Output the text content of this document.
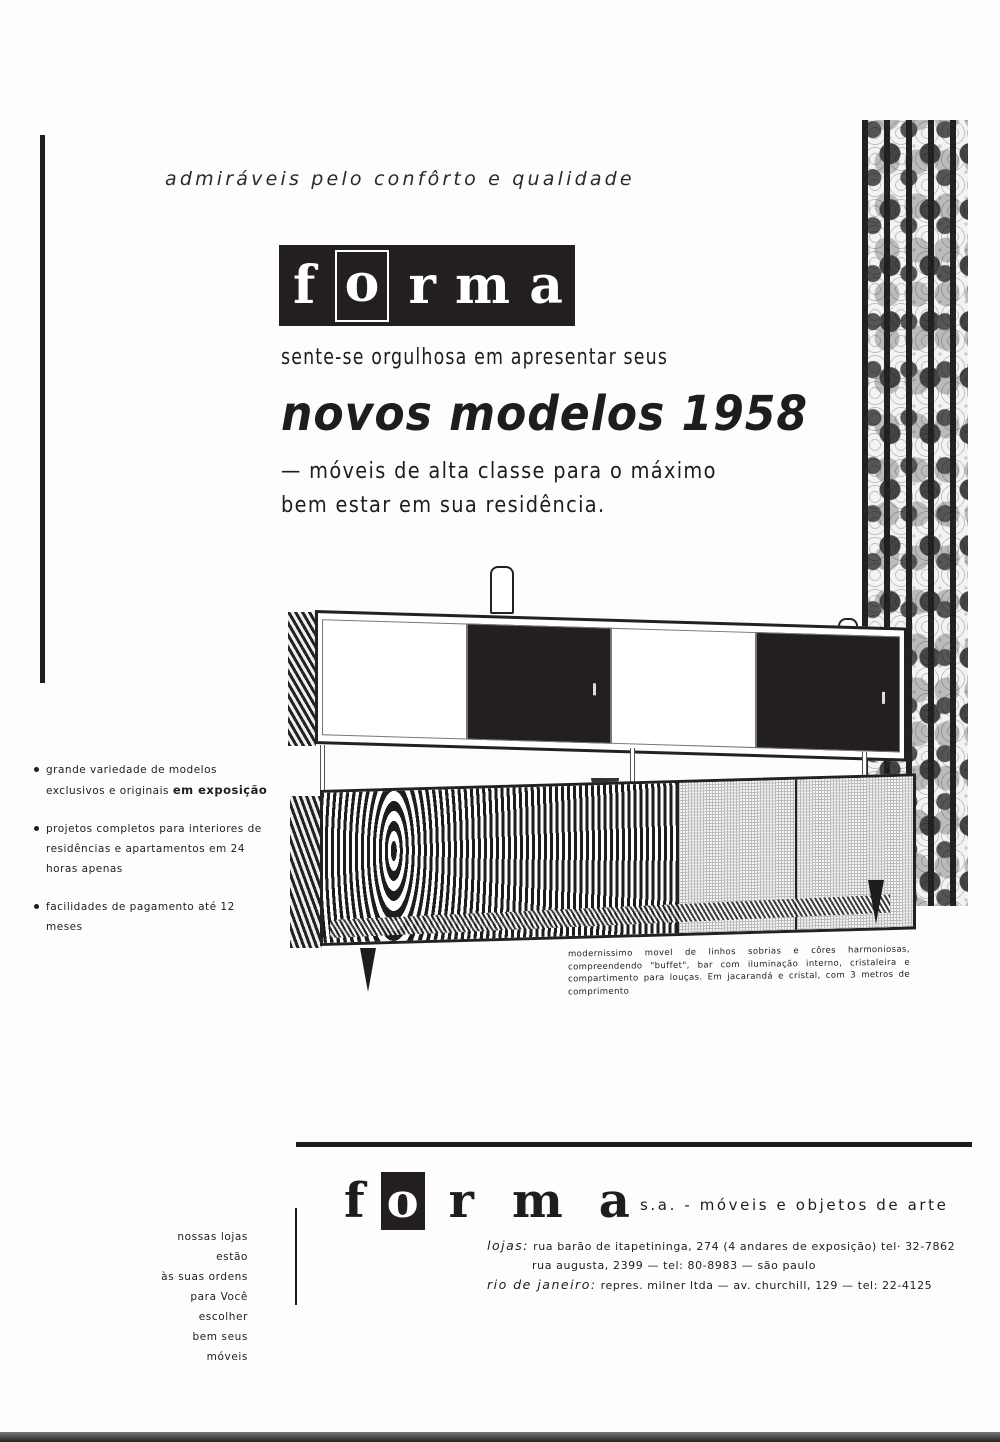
admiráveis pelo confôrto e qualidade
f o r m a
sente-se orgulhosa em apresentar seus
novos modelos 1958
— móveis de alta classe para o máximo
bem estar em sua residência.
modernissimo movel de linhos sobrias e côres harmoniosas, compreendendo "buffet", bar com iluminação interno, cristaleira e compartimento para louças. Em jacarandá e cristal, com 3 metros de comprimento
grande variedade de modelos exclusivos e originais em exposição
projetos completos para interiores de residências e apartamentos em 24 horas apenas
facilidades de pagamento até 12 meses
f o r m a s.a. - móveis e objetos de arte
nossas lojas estão
às suas ordens
para Você escolher
bem seus móveis
lojas: rua barão de itapetininga, 274 (4 andares de exposição) tel· 32-7862
rua augusta, 2399 — tel: 80-8983 — são paulo
rio de janeiro: repres. milner ltda — av. churchill, 129 — tel: 22-4125
